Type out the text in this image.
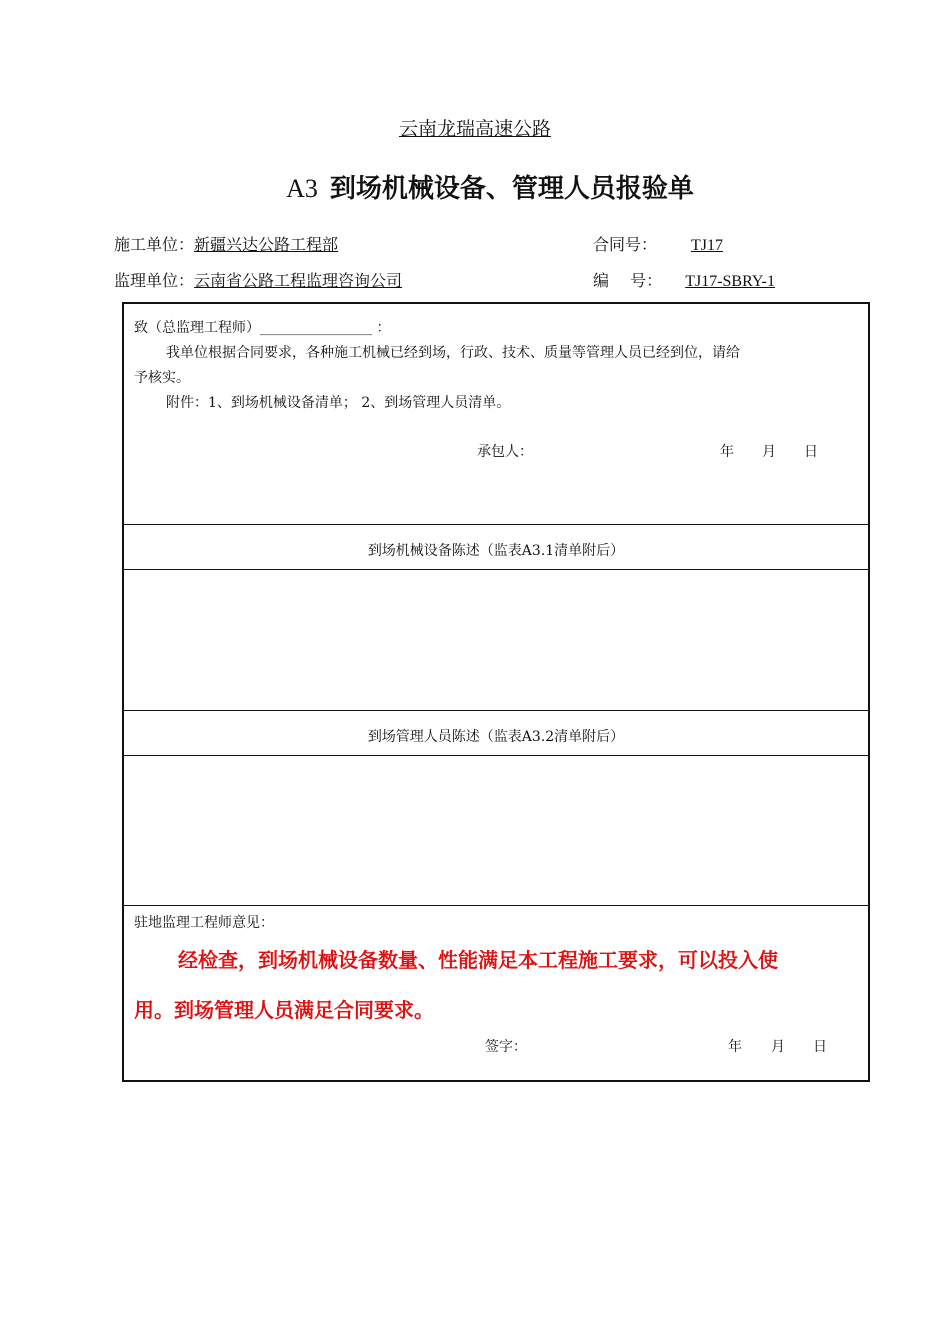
云南龙瑞高速公路
A3 到场机械设备、管理人员报验单
施工单位：新疆兴达公路工程部	合同号： TJ17
监理单位：云南省公路工程监理咨询公司	编　 号： TJ17-SBRY-1
致（总监理工程师）________________ ：
我单位根据合同要求，各种施工机械已经到场，行政、技术、质量等管理人员已经到位，请给
予核实。
附件：1、到场机械设备清单； 2、到场管理人员清单。
承包人：	年 月 日
到场机械设备陈述（监表A3.1清单附后）
到场管理人员陈述（监表A3.2清单附后）
驻地监理工程师意见：
经检查，到场机械设备数量、性能满足本工程施工要求，可以投入使
用。到场管理人员满足合同要求。
签字：	年 月 日
